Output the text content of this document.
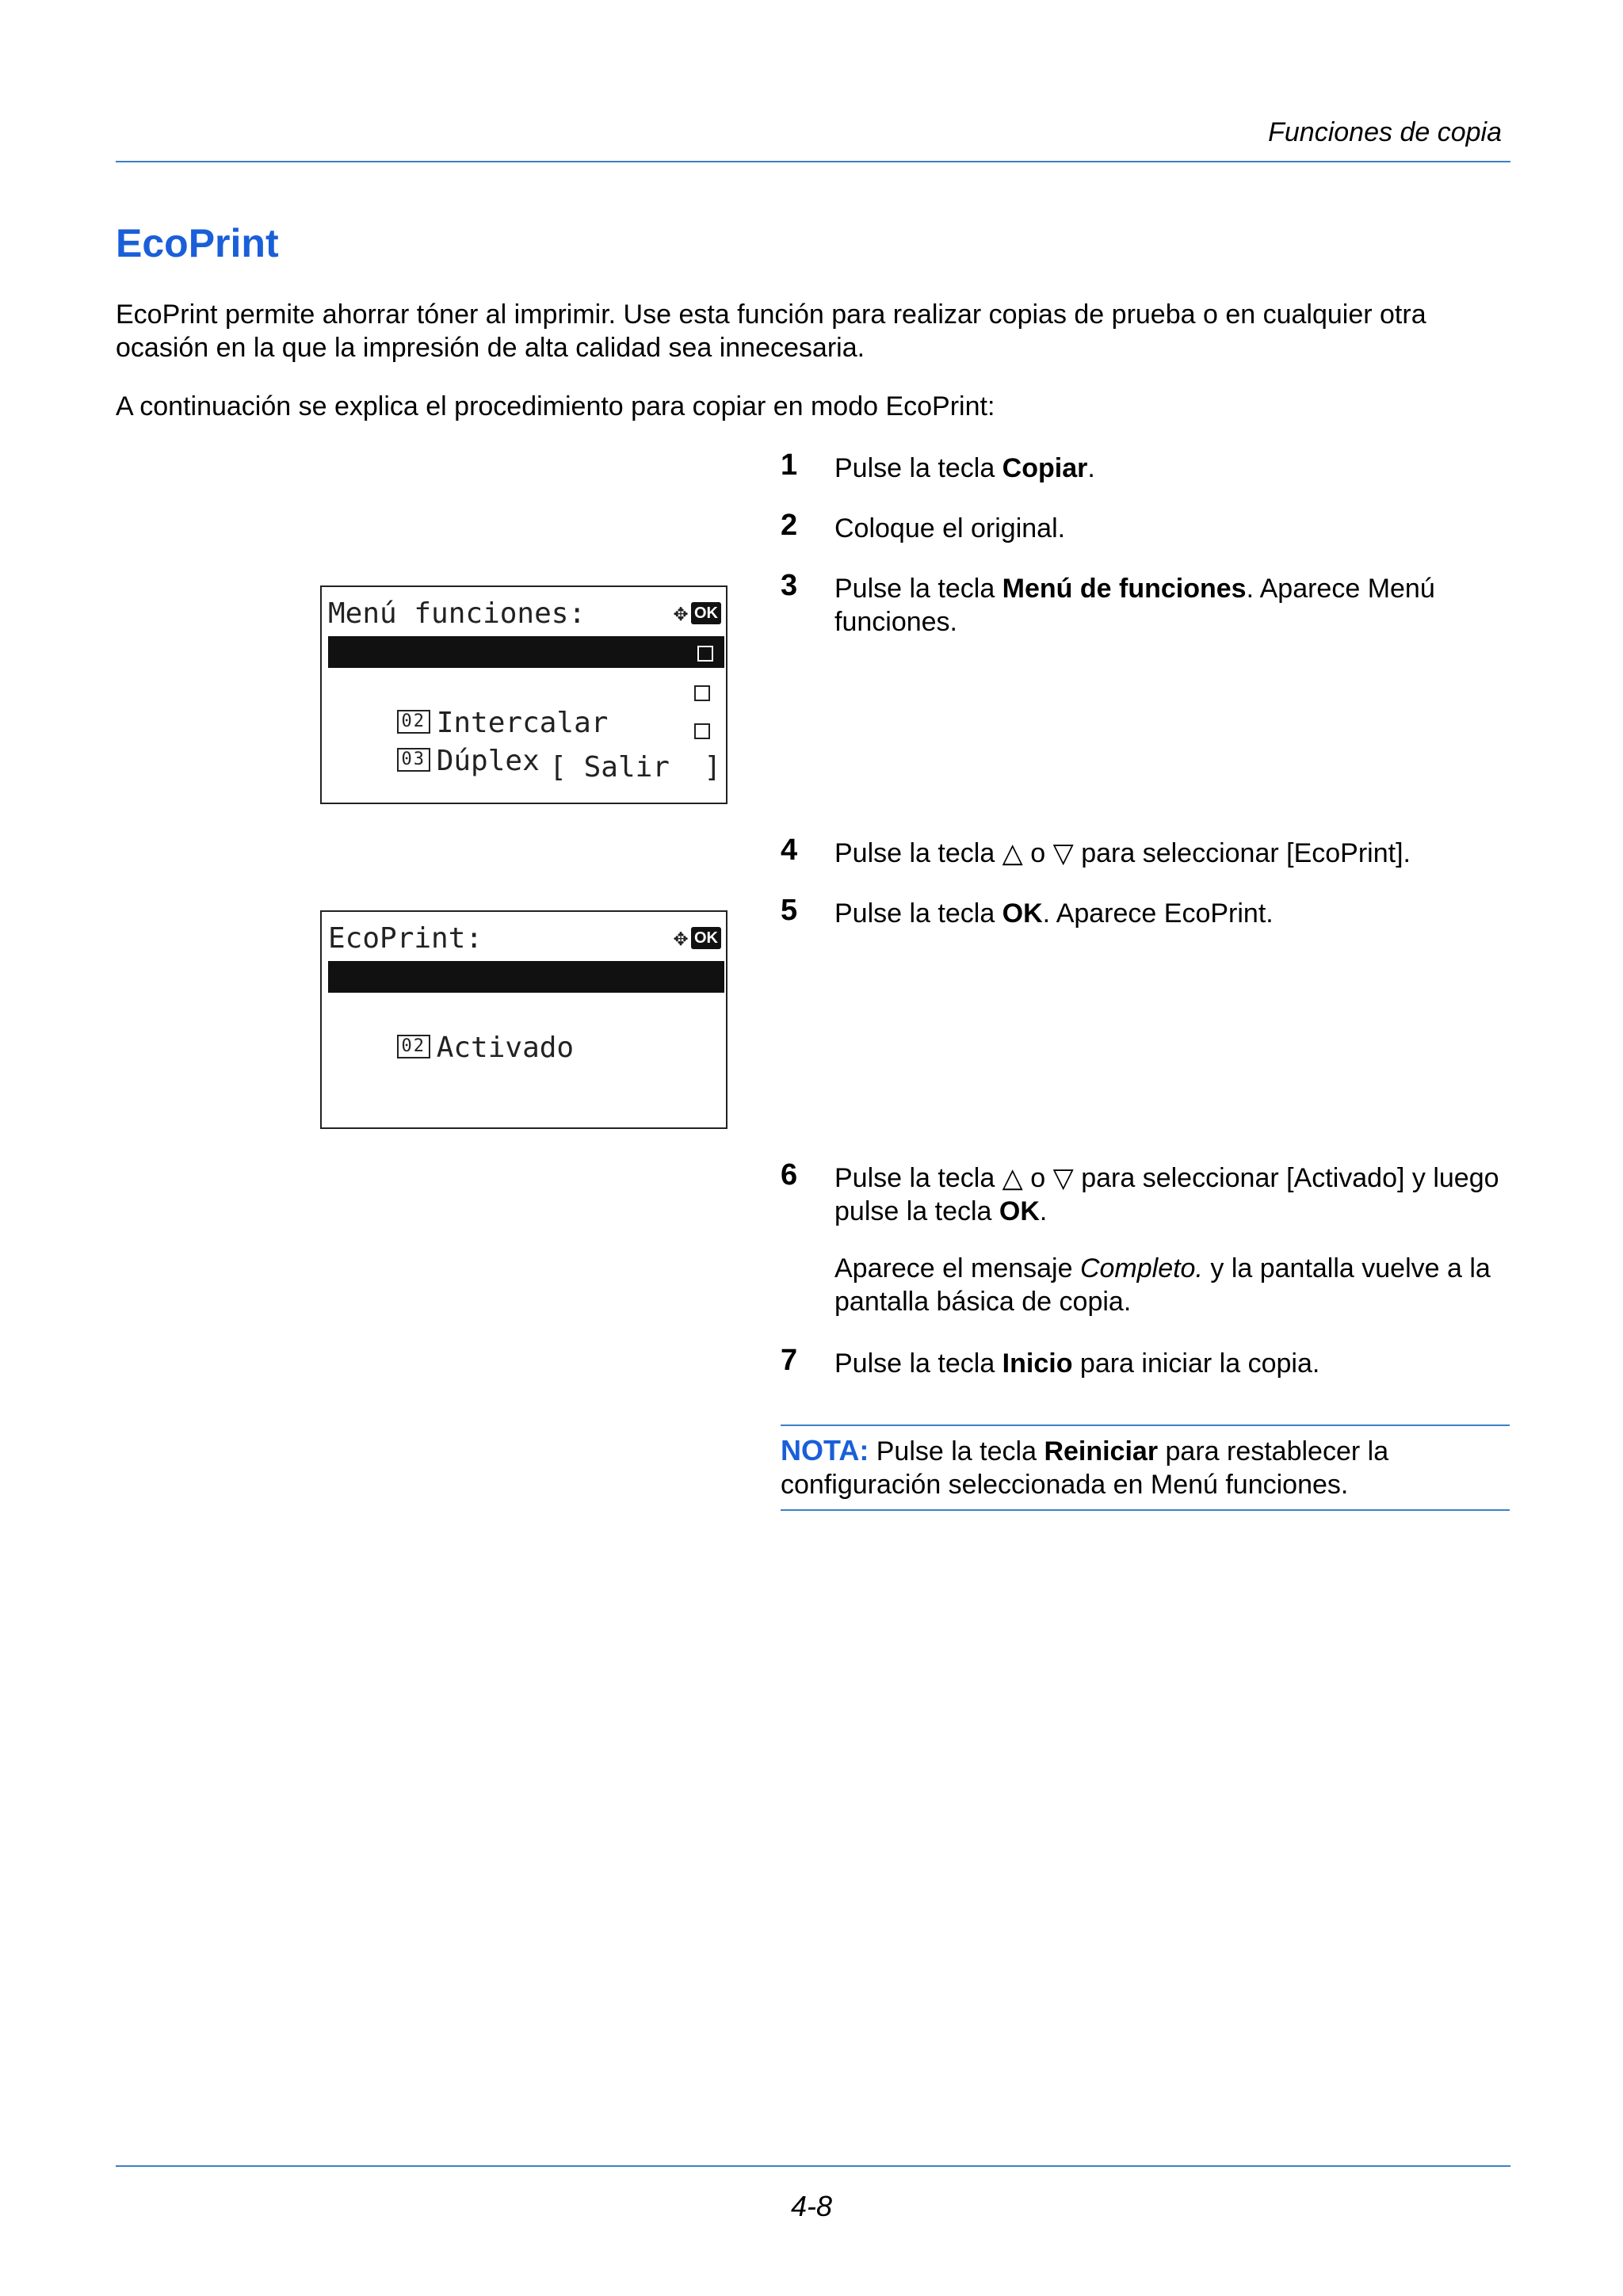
Funciones de copia
EcoPrint
EcoPrint permite ahorrar tóner al imprimir. Use esta función para realizar copias de prueba o en cualquier otra ocasión en la que la impresión de alta calidad sea innecesaria.
A continuación se explica el procedimiento para copiar en modo EcoPrint:
Menú funciones:	✥ OK

01 Selección papel

02 Intercalar

03 Dúplex

[ Salir  ]
EcoPrint:	✥ OK

01 *Desactiv.

02 Activado

1 Pulse la tecla Copiar.
2 Coloque el original.
3 Pulse la tecla Menú de funciones. Aparece Menú funciones.
4 Pulse la tecla △ o ▽ para seleccionar [EcoPrint].
5 Pulse la tecla OK. Aparece EcoPrint.
6 Pulse la tecla △ o ▽ para seleccionar [Activado] y luego pulse la tecla OK.
Aparece el mensaje Completo. y la pantalla vuelve a la pantalla básica de copia.
7 Pulse la tecla Inicio para iniciar la copia.
NOTA: Pulse la tecla Reiniciar para restablecer la configuración seleccionada en Menú funciones.
4-8
